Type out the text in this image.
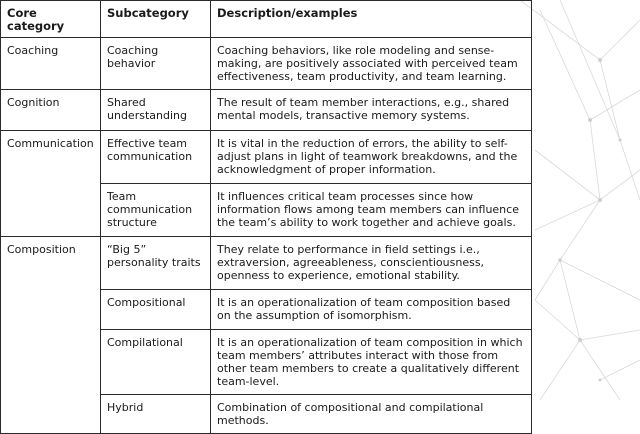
Core category	Subcategory	Description/examples
Coaching	Coaching behavior	Coaching behaviors, like role modeling and sense-making, are positively associated with perceived team effectiveness, team productivity, and team learning.
Cognition	Shared understanding	The result of team member interactions, e.g., shared mental models, transactive memory systems.
Communication	Effective team communication	It is vital in the reduction of errors, the ability to self-adjust plans in light of teamwork breakdowns, and the acknowledgment of proper information.
	Team communication structure	It influences critical team processes since how information flows among team members can influence the team’s ability to work together and achieve goals.
Composition	“Big 5” personality traits	They relate to performance in field settings i.e., extraversion, agreeableness, conscientiousness, openness to experience, emotional stability.
	Compositional	It is an operationalization of team composition based on the assumption of isomorphism.
	Compilational	It is an operationalization of team composition in which team members’ attributes interact with those from other team members to create a qualitatively different team-level.
	Hybrid	Combination of compositional and compilational methods.
